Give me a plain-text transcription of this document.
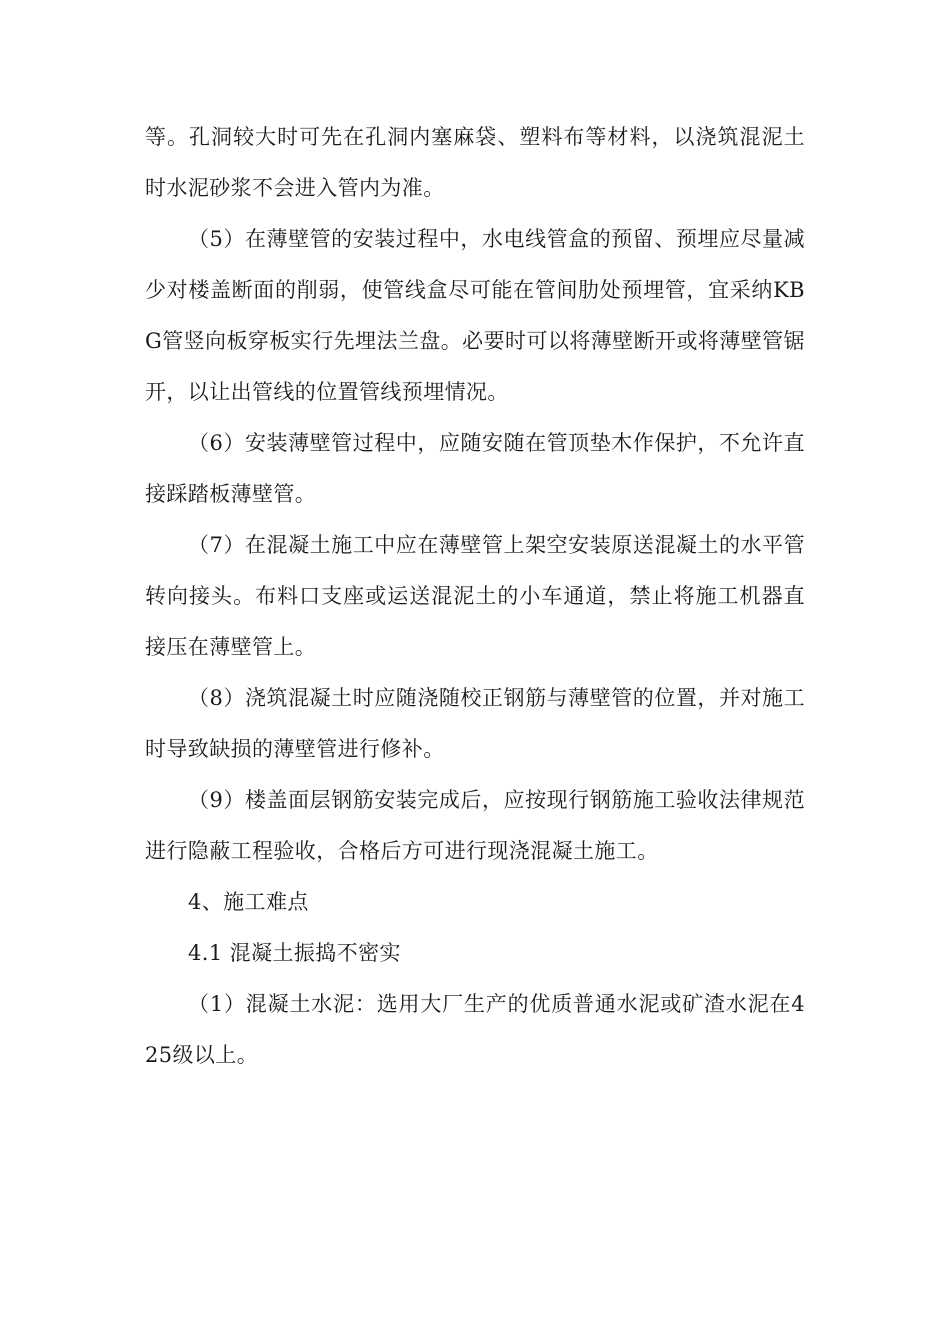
等。孔洞较大时可先在孔洞内塞麻袋、塑料布等材料，以浇筑混泥土时水泥砂浆不会进入管内为准。

（5）在薄壁管的安装过程中，水电线管盒的预留、预埋应尽量减少对楼盖断面的削弱，使管线盒尽可能在管间肋处预埋管，宜采纳KBG管竖向板穿板实行先埋法兰盘。必要时可以将薄壁断开或将薄壁管锯开，以让出管线的位置管线预埋情况。

（6）安装薄壁管过程中，应随安随在管顶垫木作保护，不允许直接踩踏板薄壁管。

（7）在混凝土施工中应在薄壁管上架空安装原送混凝土的水平管转向接头。布料口支座或运送混泥土的小车通道，禁止将施工机器直接压在薄壁管上。

（8）浇筑混凝土时应随浇随校正钢筋与薄壁管的位置，并对施工时导致缺损的薄壁管进行修补。

（9）楼盖面层钢筋安装完成后，应按现行钢筋施工验收法律规范进行隐蔽工程验收，合格后方可进行现浇混凝土施工。

4、施工难点

4.1 混凝土振捣不密实

（1）混凝土水泥：选用大厂生产的优质普通水泥或矿渣水泥在425级以上。
